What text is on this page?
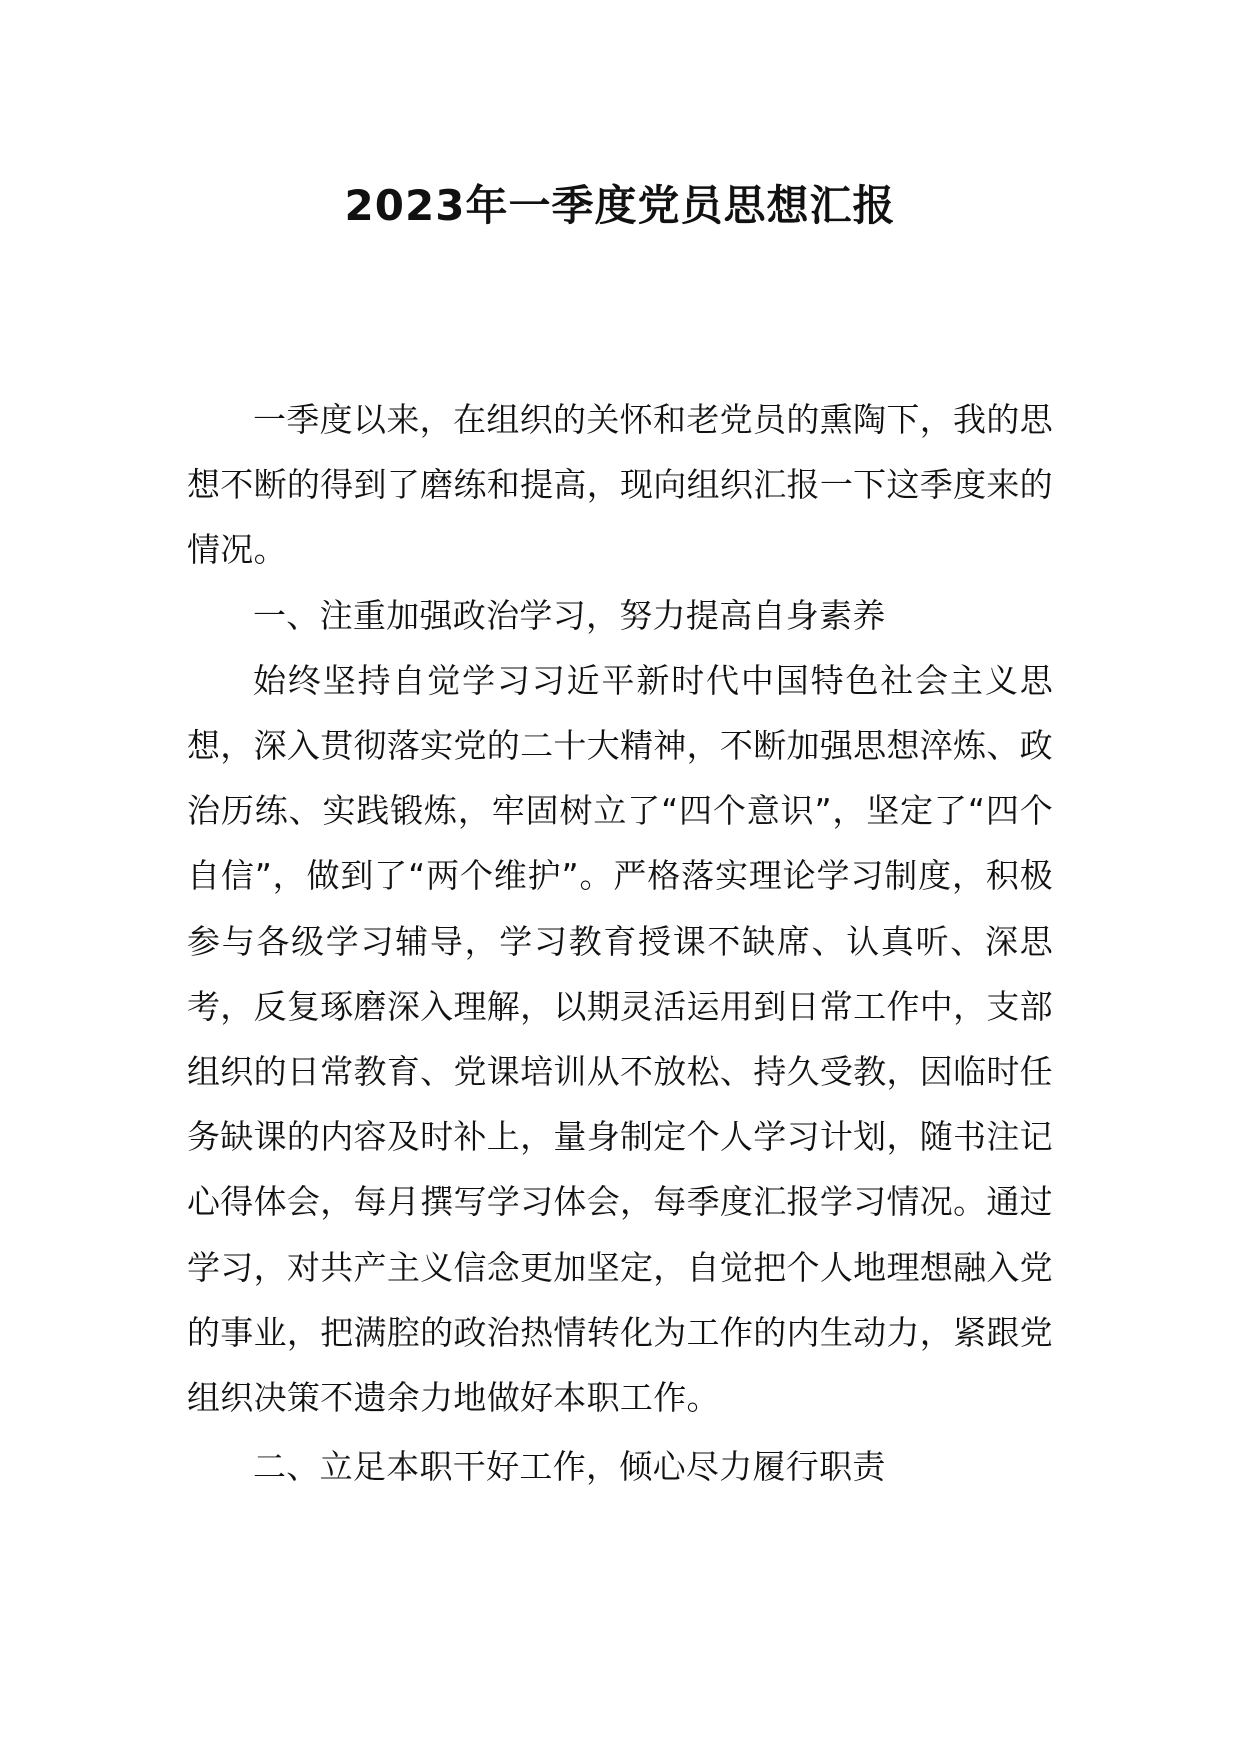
2023年一季度党员思想汇报

一季度以来，在组织的关怀和老党员的熏陶下，我的思想不断的得到了磨练和提高，现向组织汇报一下这季度来的情况。

一、注重加强政治学习，努力提高自身素养

始终坚持自觉学习习近平新时代中国特色社会主义思想，深入贯彻落实党的二十大精神，不断加强思想淬炼、政治历练、实践锻炼，牢固树立了“四个意识”，坚定了“四个自信”，做到了“两个维护”。严格落实理论学习制度，积极参与各级学习辅导，学习教育授课不缺席、认真听、深思考，反复琢磨深入理解，以期灵活运用到日常工作中，支部组织的日常教育、党课培训从不放松、持久受教，因临时任务缺课的内容及时补上，量身制定个人学习计划，随书注记心得体会，每月撰写学习体会，每季度汇报学习情况。通过学习，对共产主义信念更加坚定，自觉把个人地理想融入党的事业，把满腔的政治热情转化为工作的内生动力，紧跟党组织决策不遗余力地做好本职工作。

二、立足本职干好工作，倾心尽力履行职责
